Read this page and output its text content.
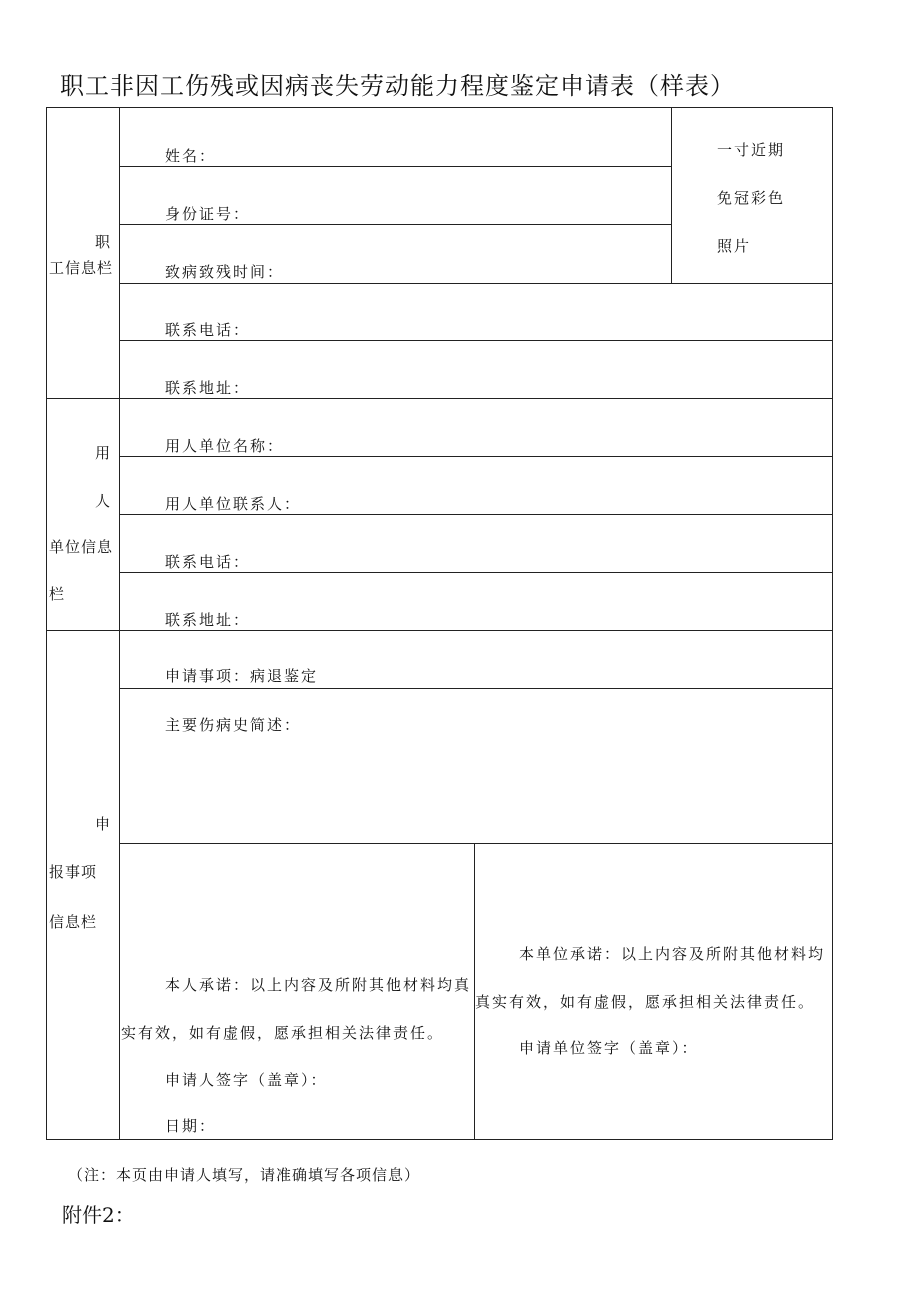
职工非因工伤残或因病丧失劳动能力程度鉴定申请表（样表）
职
工信息栏
姓名：
身份证号：
致病致残时间：
联系电话：
联系地址：
一寸近期
免冠彩色
照片
用
人
单位信息
栏
用人单位名称：
用人单位联系人：
联系电话：
联系地址：
申
报事项
信息栏
申请事项：病退鉴定
主要伤病史简述：
本人承诺：以上内容及所附其他材料均真实有效，如有虚假，愿承担相关法律责任。
申请人签字（盖章）：
日期：
本单位承诺：以上内容及所附其他材料均真实有效，如有虚假，愿承担相关法律责任。
申请单位签字（盖章）：
（注：本页由申请人填写，请准确填写各项信息）
附件2：
